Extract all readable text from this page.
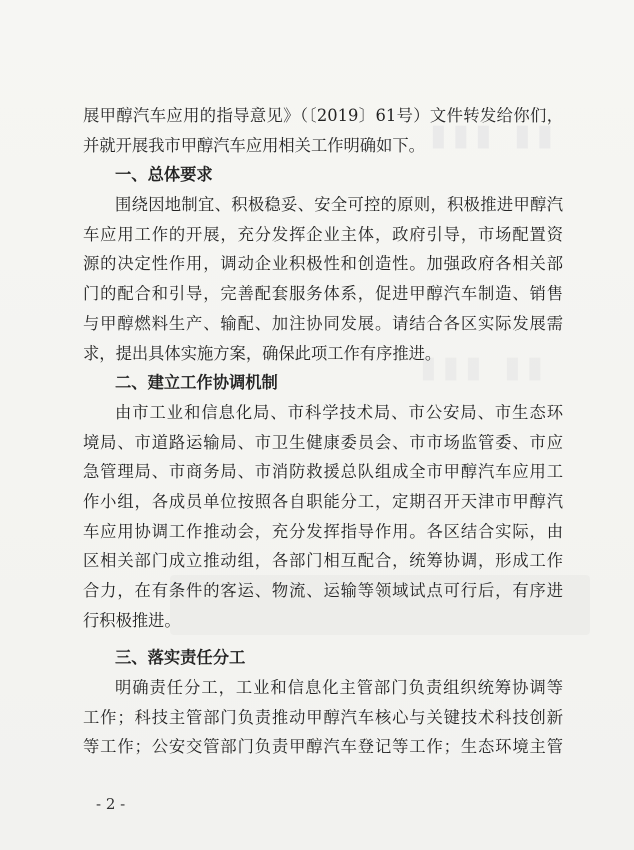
▮▮▮ ▮▮
▮▮▮ ▮▮
展甲醇汽车应用的指导意见》（〔2019〕61号）文件转发给你们，
并就开展我市甲醇汽车应用相关工作明确如下。
一、总体要求
围绕因地制宜、积极稳妥、安全可控的原则，积极推进甲醇汽
车应用工作的开展，充分发挥企业主体，政府引导，市场配置资
源的决定性作用，调动企业积极性和创造性。加强政府各相关部
门的配合和引导，完善配套服务体系，促进甲醇汽车制造、销售
与甲醇燃料生产、输配、加注协同发展。请结合各区实际发展需
求，提出具体实施方案，确保此项工作有序推进。
二、建立工作协调机制
由市工业和信息化局、市科学技术局、市公安局、市生态环
境局、市道路运输局、市卫生健康委员会、市市场监管委、市应
急管理局、市商务局、市消防救援总队组成全市甲醇汽车应用工
作小组，各成员单位按照各自职能分工，定期召开天津市甲醇汽
车应用协调工作推动会，充分发挥指导作用。各区结合实际，由
区相关部门成立推动组，各部门相互配合，统筹协调，形成工作
合力，在有条件的客运、物流、运输等领域试点可行后，有序进
行积极推进。
三、落实责任分工
明确责任分工，工业和信息化主管部门负责组织统筹协调等
工作；科技主管部门负责推动甲醇汽车核心与关键技术科技创新
等工作；公安交管部门负责甲醇汽车登记等工作；生态环境主管
- 2 -
